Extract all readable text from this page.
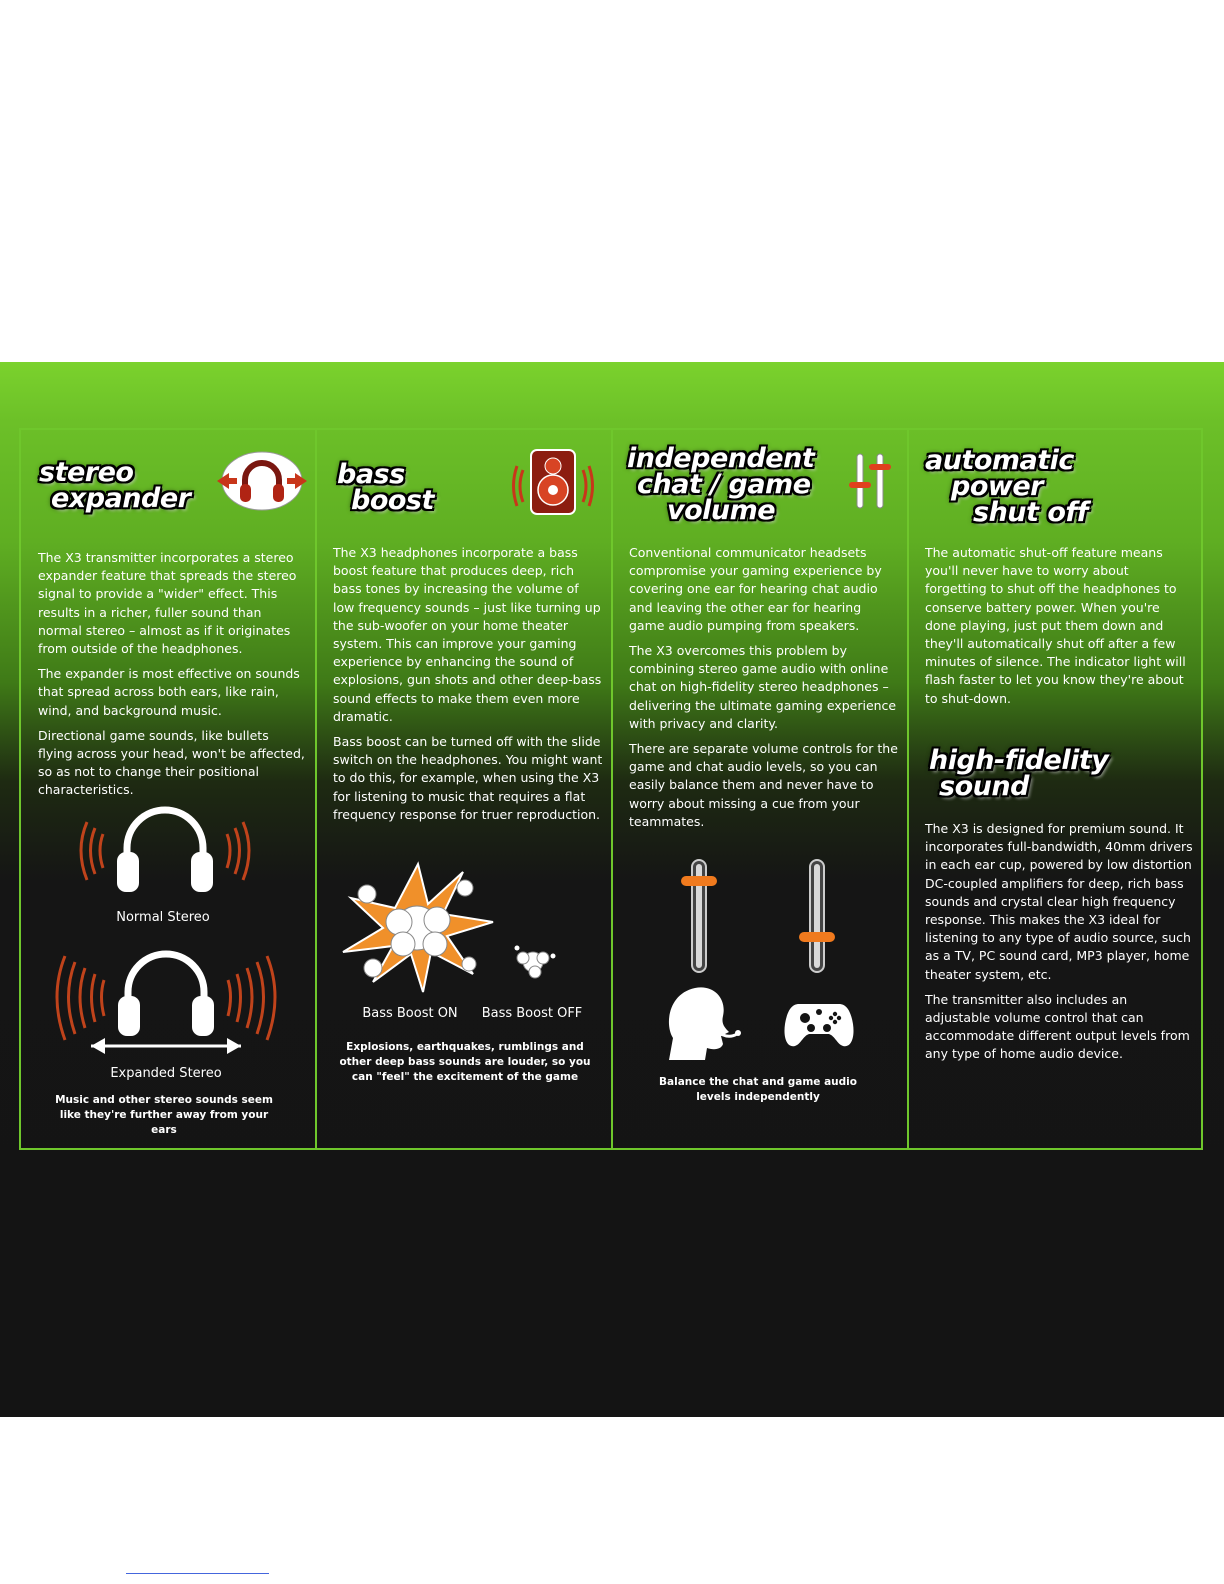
stereo
expander

The X3 transmitter incorporates a stereo expander feature that spreads the stereo signal to provide a "wider" effect. This results in a richer, fuller sound than normal stereo – almost as if it originates from outside of the headphones.

The expander is most effective on sounds that spread across both ears, like rain, wind, and background music.

Directional game sounds, like bullets flying across your head, won't be affected, so as not to change their positional characteristics.

Normal Stereo
Expanded Stereo
Music and other stereo sounds seem like they're further away from your ears
bass
boost

The X3 headphones incorporate a bass boost feature that produces deep, rich bass tones by increasing the volume of low frequency sounds – just like turning up the sub-woofer on your home theater system. This can improve your gaming experience by enhancing the sound of explosions, gun shots and other deep-bass sound effects to make them even more dramatic.

Bass boost can be turned off with the slide switch on the headphones. You might want to do this, for example, when using the X3 for listening to music that requires a flat frequency response for truer reproduction.

Bass Boost ON	Bass Boost OFF
Explosions, earthquakes, rumblings and other deep bass sounds are louder, so you can "feel" the excitement of the game
independent
chat / game
volume

Conventional communicator headsets compromise your gaming experience by covering one ear for hearing chat audio and leaving the other ear for hearing game audio pumping from speakers.

The X3 overcomes this problem by combining stereo game audio with online chat on high-fidelity stereo headphones – delivering the ultimate gaming experience with privacy and clarity.

There are separate volume controls for the game and chat audio levels, so you can easily balance them and never have to worry about missing a cue from your teammates.

Balance the chat and game audio levels independently
automatic
power
shut off

The automatic shut-off feature means you'll never have to worry about forgetting to shut off the headphones to conserve battery power. When you're done playing, just put them down and they'll automatically shut off after a few minutes of silence. The indicator light will flash faster to let you know they're about to shut-down.

high-fidelity
sound

The X3 is designed for premium sound. It incorporates full-bandwidth, 40mm drivers in each ear cup, powered by low distortion DC-coupled amplifiers for deep, rich bass sounds and crystal clear high frequency response. This makes the X3 ideal for listening to any type of audio source, such as a TV, PC sound card, MP3 player, home theater system, etc.

The transmitter also includes an adjustable volume control that can accommodate different output levels from any type of home audio device.
